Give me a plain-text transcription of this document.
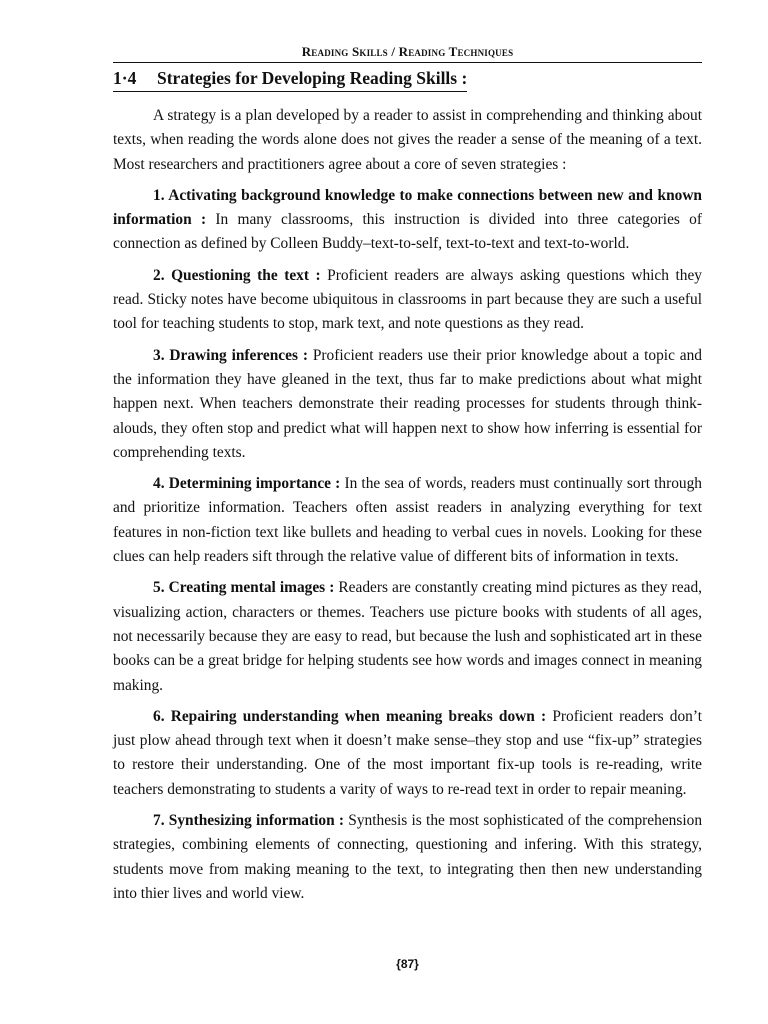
Reading Skills / Reading Techniques
1·4 Strategies for Developing Reading Skills :

A strategy is a plan developed by a reader to assist in comprehending and thinking about texts, when reading the words alone does not gives the reader a sense of the meaning of a text. Most researchers and practitioners agree about a core of seven strategies :

1. Activating background knowledge to make connections between new and known information : In many classrooms, this instruction is divided into three categories of connection as defined by Colleen Buddy–text-to-self, text-to-text and text-to-world.

2. Questioning the text : Proficient readers are always asking questions which they read. Sticky notes have become ubiquitous in classrooms in part because they are such a useful tool for teaching students to stop, mark text, and note questions as they read.

3. Drawing inferences : Proficient readers use their prior knowledge about a topic and the information they have gleaned in the text, thus far to make predictions about what might happen next. When teachers demonstrate their reading processes for students through think-alouds, they often stop and predict what will happen next to show how inferring is essential for comprehending texts.

4. Determining importance : In the sea of words, readers must continually sort through and prioritize information. Teachers often assist readers in analyzing everything for text features in non-fiction text like bullets and heading to verbal cues in novels. Looking for these clues can help readers sift through the relative value of different bits of information in texts.

5. Creating mental images : Readers are constantly creating mind pictures as they read, visualizing action, characters or themes. Teachers use picture books with students of all ages, not necessarily because they are easy to read, but because the lush and sophisticated art in these books can be a great bridge for helping students see how words and images connect in meaning making.

6. Repairing understanding when meaning breaks down : Proficient readers don’t just plow ahead through text when it doesn’t make sense–they stop and use “fix-up” strategies to restore their understanding. One of the most important fix-up tools is re-reading, write teachers demonstrating to students a varity of ways to re-read text in order to repair meaning.

7. Synthesizing information : Synthesis is the most sophisticated of the comprehension strategies, combining elements of connecting, questioning and infering. With this strategy, students move from making meaning to the text, to integrating then then new understanding into thier lives and world view.

{87}
